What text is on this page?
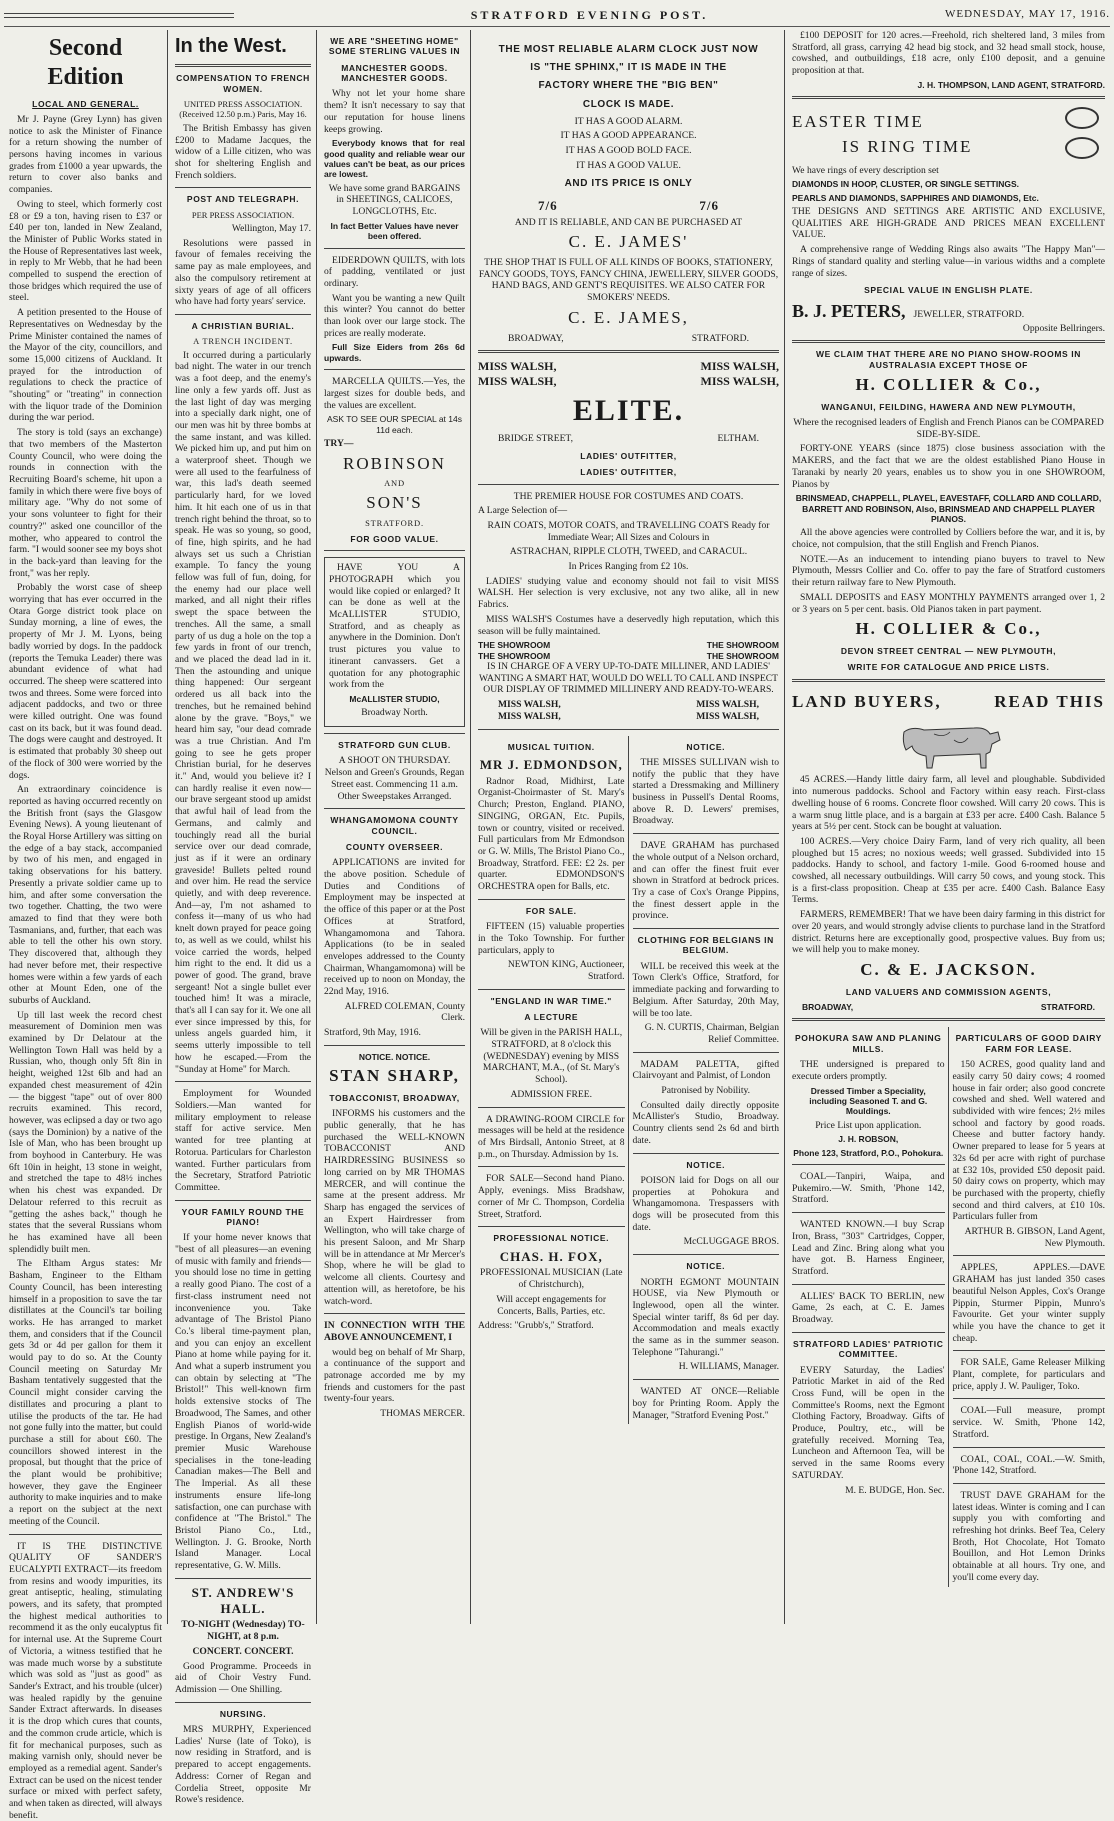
STRATFORD EVENING POST.	WEDNESDAY, MAY 17, 1916.
Second Edition
LOCAL AND GENERAL.

Mr J. Payne (Grey Lynn) has given notice to ask the Minister of Finance for a return showing the number of persons having incomes in various grades from £1000 a year upwards, the return to cover also banks and companies.

Owing to steel, which formerly cost £8 or £9 a ton, having risen to £37 or £40 per ton, landed in New Zealand, the Minister of Public Works stated in the House of Representatives last week, in reply to Mr Webb, that he had been compelled to suspend the erection of those bridges which required the use of steel.

A petition presented to the House of Representatives on Wednesday by the Prime Minister contained the names of the Mayor of the city, councillors, and some 15,000 citizens of Auckland. It prayed for the introduction of regulations to check the practice of "shouting" or "treating" in connection with the liquor trade of the Dominion during the war period.

The story is told (says an exchange) that two members of the Masterton County Council, who were doing the rounds in connection with the Recruiting Board's scheme, hit upon a family in which there were five boys of military age. "Why do not some of your sons volunteer to fight for their country?" asked one councillor of the mother, who appeared to control the farm. "I would sooner see my boys shot in the back-yard than leaving for the front," was her reply.

Probably the worst case of sheep worrying that has ever occurred in the Otara Gorge district took place on Sunday morning, a line of ewes, the property of Mr J. M. Lyons, being badly worried by dogs. In the paddock (reports the Temuka Leader) there was abundant evidence of what had occurred. The sheep were scattered into twos and threes. Some were forced into adjacent paddocks, and two or three were killed outright. One was found cast on its back, but it was found dead. The dogs were caught and destroyed. It is estimated that probably 30 sheep out of the flock of 300 were worried by the dogs.

An extraordinary coincidence is reported as having occurred recently on the British front (says the Glasgow Evening News). A young lieutenant of the Royal Horse Artillery was sitting on the edge of a bay stack, accompanied by two of his men, and engaged in taking observations for his battery. Presently a private soldier came up to him, and after some conversation the two together. Chatting, the two were amazed to find that they were both Tasmanians, and, further, that each was able to tell the other his own story. They discovered that, although they had never before met, their respective homes were within a few yards of each other at Mount Eden, one of the suburbs of Auckland.

Up till last week the record chest measurement of Dominion men was examined by Dr Delatour at the Wellington Town Hall was held by a Russian, who, though only 5ft 8in in height, weighed 12st 6lb and had an expanded chest measurement of 42in — the biggest "tape" out of over 800 recruits examined. This record, however, was eclipsed a day or two ago (says the Dominion) by a native of the Isle of Man, who has been brought up from boyhood in Canterbury. He was 6ft 10in in height, 13 stone in weight, and stretched the tape to 48½ inches when his chest was expanded. Dr Delatour referred to this recruit as "getting the ashes back," though he states that the several Russians whom he has examined have all been splendidly built men.

The Eltham Argus states: Mr Basham, Engineer to the Eltham County Council, has been interesting himself in a proposition to save the tar distillates at the Council's tar boiling works. He has arranged to market them, and considers that if the Council gets 3d or 4d per gallon for them it would pay to do so. At the County Council meeting on Saturday Mr Basham tentatively suggested that the Council might consider carving the distillates and procuring a plant to utilise the products of the tar. He had not gone fully into the matter, but could purchase a still for about £60. The councillors showed interest in the proposal, but thought that the price of the plant would be prohibitive; however, they gave the Engineer authority to make inquiries and to make a report on the subject at the next meeting of the Council.

IT IS THE DISTINCTIVE QUALITY OF SANDER'S EUCALYPTI EXTRACT—its freedom from resins and woody impurities, its great antiseptic, healing, stimulating powers, and its safety, that prompted the highest medical authorities to recommend it as the only eucalyptus fit for internal use. At the Supreme Court of Victoria, a witness testified that he was made much worse by a substitute which was sold as "just as good" as Sander's Extract, and his trouble (ulcer) was healed rapidly by the genuine Sander Extract afterwards. In diseases it is the drop which cures that counts, and the common crude article, which is fit for mechanical purposes, such as making varnish only, should never be employed as a remedial agent. Sander's Extract can be used on the nicest tender surface or mixed with perfect safety, and when taken as directed, will always benefit.

In the West.
COMPENSATION TO FRENCH WOMEN.

UNITED PRESS ASSOCIATION. (Received 12.50 p.m.) Paris, May 16.

The British Embassy has given £200 to Madame Jacques, the widow of a Lille citizen, who was shot for sheltering English and French soldiers.

POST AND TELEGRAPH.

PER PRESS ASSOCIATION.

Wellington, May 17.

Resolutions were passed in favour of females receiving the same pay as male employees, and also the compulsory retirement at sixty years of age of all officers who have had forty years' service.

A CHRISTIAN BURIAL.
A TRENCH INCIDENT.

It occurred during a particularly bad night. The water in our trench was a foot deep, and the enemy's line only a few yards off. Just as the last light of day was merging into a specially dark night, one of our men was hit by three bombs at the same instant, and was killed. We picked him up, and put him on a waterproof sheet. Though we were all used to the fearfulness of war, this lad's death seemed particularly hard, for we loved him. It hit each one of us in that trench right behind the throat, so to speak. He was so young, so good, of fine, high spirits, and he had always set us such a Christian example. To fancy the young fellow was full of fun, doing, for the enemy had our place well marked, and all night their rifles swept the space between the trenches. All the same, a small party of us dug a hole on the top a few yards in front of our trench, and we placed the dead lad in it. Then the astounding and unique thing happened: Our sergeant ordered us all back into the trenches, but he remained behind alone by the grave. "Boys," we heard him say, "our dead comrade was a true Christian. And I'm going to see he gets proper Christian burial, for he deserves it." And, would you believe it? I can hardly realise it even now—our brave sergeant stood up amidst that awful hail of lead from the Germans, and calmly and touchingly read all the burial service over our dead comrade, just as if it were an ordinary graveside! Bullets pelted round and over him. He read the service quietly, and with deep reverence. And—ay, I'm not ashamed to confess it—many of us who had knelt down prayed for peace going to, as well as we could, whilst his voice carried the words, helped him right to the end. It did us a power of good. The grand, brave sergeant! Not a single bullet ever touched him! It was a miracle, that's all I can say for it. We one all ever since impressed by this, for unless angels guarded him, it seems utterly impossible to tell how he escaped.—From the "Sunday at Home" for March.

Employment for Wounded Soldiers.—Man wanted for military employment to release staff for active service. Men wanted for tree planting at Rotorua. Particulars for Charleston wanted. Further particulars from the Secretary, Stratford Patriotic Committee.

YOUR FAMILY ROUND THE PIANO!

If your home never knows that "best of all pleasures—an evening of music with family and friends—you should lose no time in getting a really good Piano. The cost of a first-class instrument need not inconvenience you. Take advantage of The Bristol Piano Co.'s liberal time-payment plan, and you can enjoy an excellent Piano at home while paying for it. And what a superb instrument you can obtain by selecting at "The Bristol!" This well-known firm holds extensive stocks of The Broadwood, The Sames, and other English Pianos of world-wide prestige. In Organs, New Zealand's premier Music Warehouse specialises in the tone-leading Canadian makes—The Bell and The Imperial. As all these instruments ensure life-long satisfaction, one can purchase with confidence at "The Bristol." The Bristol Piano Co., Ltd., Wellington. J. G. Brooke, North Island Manager. Local representative, G. W. Mills.

ST. ANDREW'S HALL.

TO-NIGHT (Wednesday) TO-NIGHT, at 8 p.m.

CONCERT. CONCERT.

Good Programme. Proceeds in aid of Choir Vestry Fund. Admission — One Shilling.

NURSING.

MRS MURPHY, Experienced Ladies' Nurse (late of Toko), is now residing in Stratford, and is prepared to accept engagements. Address: Corner of Regan and Cordelia Street, opposite Mr Rowe's residence.

WE ARE "SHEETING HOME" SOME STERLING VALUES IN
MANCHESTER GOODS. MANCHESTER GOODS.

Why not let your home share them? It isn't necessary to say that our reputation for house linens keeps growing.

Everybody knows that for real good quality and reliable wear our values can't be beat, as our prices are lowest.

We have some grand BARGAINS in SHEETINGS, CALICOES, LONGCLOTHS, Etc.

In fact Better Values have never been offered.

EIDERDOWN QUILTS, with lots of padding, ventilated or just ordinary.

Want you be wanting a new Quilt this winter? You cannot do better than look over our large stock. The prices are really moderate.

Full Size Eiders from 26s 6d upwards.

MARCELLA QUILTS.—Yes, the largest sizes for double beds, and the values are excellent.

ASK TO SEE OUR SPECIAL at 14s 11d each.

TRY—

ROBINSON
AND
SON'S
STRATFORD.
FOR GOOD VALUE.

HAVE YOU A PHOTOGRAPH which you would like copied or enlarged? It can be done as well at the McALLISTER STUDIO, Stratford, and as cheaply as anywhere in the Dominion. Don't trust pictures you value to itinerant canvassers. Get a quotation for any photographic work from the

McALLISTER STUDIO,

Broadway North.

STRATFORD GUN CLUB.

A SHOOT ON THURSDAY. Nelson and Green's Grounds, Regan Street east. Commencing 11 a.m. Other Sweepstakes Arranged.

WHANGAMOMONA COUNTY COUNCIL.
COUNTY OVERSEER.

APPLICATIONS are invited for the above position. Schedule of Duties and Conditions of Employment may be inspected at the office of this paper or at the Post Offices at Stratford, Whangamomona and Tahora. Applications (to be in sealed envelopes addressed to the County Chairman, Whangamomona) will be received up to noon on Monday, the 22nd May, 1916.

ALFRED COLEMAN, County Clerk.

Stratford, 9th May, 1916.

NOTICE. NOTICE.

STAN SHARP,
TOBACCONIST, BROADWAY,

INFORMS his customers and the public generally, that he has purchased the WELL-KNOWN TOBACCONIST AND HAIRDRESSING BUSINESS so long carried on by MR THOMAS MERCER, and will continue the same at the present address. Mr Sharp has engaged the services of an Expert Hairdresser from Wellington, who will take charge of his present Saloon, and Mr Sharp will be in attendance at Mr Mercer's Shop, where he will be glad to welcome all clients. Courtesy and attention will, as heretofore, be his watch-word.

IN CONNECTION WITH THE ABOVE ANNOUNCEMENT, I

would beg on behalf of Mr Sharp, a continuance of the support and patronage accorded me by my friends and customers for the past twenty-four years.

THOMAS MERCER.

THE MOST RELIABLE ALARM CLOCK JUST NOW
IS "THE SPHINX," IT IS MADE IN THE
FACTORY WHERE THE "BIG BEN"
CLOCK IS MADE.

IT HAS A GOOD ALARM.

IT HAS A GOOD APPEARANCE.

IT HAS A GOOD BOLD FACE.

IT HAS A GOOD VALUE.

AND ITS PRICE IS ONLY
7/6	7/6

AND IT IS RELIABLE, AND CAN BE PURCHASED AT

C. E. JAMES'

THE SHOP THAT IS FULL OF ALL KINDS OF BOOKS, STATIONERY, FANCY GOODS, TOYS, FANCY CHINA, JEWELLERY, SILVER GOODS, HAND BAGS, AND GENT'S REQUISITES. WE ALSO CATER FOR SMOKERS' NEEDS.

C. E. JAMES,
BROADWAY,	STRATFORD.
MISS WALSH,	MISS WALSH,
MISS WALSH,	MISS WALSH,
ELITE.
BRIDGE STREET,	ELTHAM.
LADIES' OUTFITTER,
LADIES' OUTFITTER,

THE PREMIER HOUSE FOR COSTUMES AND COATS.

A Large Selection of—

RAIN COATS, MOTOR COATS, and TRAVELLING COATS Ready for Immediate Wear; All Sizes and Colours in

ASTRACHAN, RIPPLE CLOTH, TWEED, and CARACUL.

In Prices Ranging from £2 10s.

LADIES' studying value and economy should not fail to visit MISS WALSH. Her selection is very exclusive, not any two alike, all in new Fabrics.

MISS WALSH'S Costumes have a deservedly high reputation, which this season will be fully maintained.

THE SHOWROOM	THE SHOWROOM
THE SHOWROOM	THE SHOWROOM

IS IN CHARGE OF A VERY UP-TO-DATE MILLINER, AND LADIES' WANTING A SMART HAT, WOULD DO WELL TO CALL AND INSPECT OUR DISPLAY OF TRIMMED MILLINERY AND READY-TO-WEARS.

MISS WALSH,	MISS WALSH,
MISS WALSH,	MISS WALSH,
MUSICAL TUITION.
MR J. EDMONDSON,

Radnor Road, Midhirst, Late Organist-Choirmaster of St. Mary's Church; Preston, England. PIANO, SINGING, ORGAN, Etc. Pupils, town or country, visited or received. Full particulars from Mr Edmondson or G. W. Mills, The Bristol Piano Co., Broadway, Stratford. FEE: £2 2s. per quarter. EDMONDSON'S ORCHESTRA open for Balls, etc.

FOR SALE.

FIFTEEN (15) valuable properties in the Toko Township. For further particulars, apply to

NEWTON KING, Auctioneer, Stratford.

"ENGLAND IN WAR TIME."
A LECTURE

Will be given in the PARISH HALL, STRATFORD, at 8 o'clock this (WEDNESDAY) evening by MISS MARCHANT, M.A., (of St. Mary's School).

ADMISSION FREE.

A DRAWING-ROOM CIRCLE for messages will be held at the residence of Mrs Birdsall, Antonio Street, at 8 p.m., on Thursday. Admission by 1s.

FOR SALE—Second hand Piano. Apply, evenings. Miss Bradshaw, corner of Mr C. Thompson, Cordelia Street, Stratford.

PROFESSIONAL NOTICE.
CHAS. H. FOX,

PROFESSIONAL MUSICIAN (Late of Christchurch),

Will accept engagements for Concerts, Balls, Parties, etc.

Address: "Grubb's," Stratford.

NOTICE.

THE MISSES SULLIVAN wish to notify the public that they have started a Dressmaking and Millinery business in Pussell's Dental Rooms, above R. D. Lewers' premises, Broadway.

DAVE GRAHAM has purchased the whole output of a Nelson orchard, and can offer the finest fruit ever shown in Stratford at bedrock prices. Try a case of Cox's Orange Pippins, the finest dessert apple in the province.

CLOTHING FOR BELGIANS IN BELGIUM.

WILL be received this week at the Town Clerk's Office, Stratford, for immediate packing and forwarding to Belgium. After Saturday, 20th May, will be too late.

G. N. CURTIS, Chairman, Belgian Relief Committee.

MADAM PALETTA, gifted Clairvoyant and Palmist, of London

Patronised by Nobility.

Consulted daily directly opposite McAllister's Studio, Broadway. Country clients send 2s 6d and birth date.

NOTICE.

POISON laid for Dogs on all our properties at Pohokura and Whangamomona. Trespassers with dogs will be prosecuted from this date.

McCLUGGAGE BROS.

NOTICE.

NORTH EGMONT MOUNTAIN HOUSE, via New Plymouth or Inglewood, open all the winter. Special winter tariff, 8s 6d per day. Accommodation and meals exactly the same as in the summer season. Telephone "Tahurangi."

H. WILLIAMS, Manager.

WANTED AT ONCE—Reliable boy for Printing Room. Apply the Manager, "Stratford Evening Post."

£100 DEPOSIT for 120 acres.—Freehold, rich sheltered land, 3 miles from Stratford, all grass, carrying 42 head big stock, and 32 head small stock, house, cowshed, and outbuildings, £18 acre, only £100 deposit, and a genuine proposition at that.

J. H. THOMPSON, LAND AGENT, STRATFORD.

EASTER TIME
IS RING TIME

We have rings of every description set

DIAMONDS IN HOOP, CLUSTER, OR SINGLE SETTINGS.

PEARLS AND DIAMONDS, SAPPHIRES AND DIAMONDS, Etc.

THE DESIGNS AND SETTINGS ARE ARTISTIC AND EXCLUSIVE, QUALITIES ARE HIGH-GRADE AND PRICES MEAN EXCELLENT VALUE.

A comprehensive range of Wedding Rings also awaits "The Happy Man"—Rings of standard quality and sterling value—in various widths and a complete range of sizes.

SPECIAL VALUE IN ENGLISH PLATE.
B. J. PETERS, JEWELLER, STRATFORD.

Opposite Bellringers.

WE CLAIM THAT THERE ARE NO PIANO SHOW-ROOMS IN AUSTRALASIA EXCEPT THOSE OF
H. COLLIER & Co.,
WANGANUI, FEILDING, HAWERA AND NEW PLYMOUTH,

Where the recognised leaders of English and French Pianos can be COMPARED SIDE-BY-SIDE.

FORTY-ONE YEARS (since 1875) close business association with the MAKERS, and the fact that we are the oldest established Piano House in Taranaki by nearly 20 years, enables us to show you in one SHOWROOM, Pianos by

BRINSMEAD, CHAPPELL, PLAYEL, EAVESTAFF, COLLARD AND COLLARD, BARRETT AND ROBINSON, Also, BRINSMEAD AND CHAPPELL PLAYER PIANOS.

All the above agencies were controlled by Colliers before the war, and it is, by choice, not compulsion, that the still English and French Pianos.

NOTE.—As an inducement to intending piano buyers to travel to New Plymouth, Messrs Collier and Co. offer to pay the fare of Stratford customers their return railway fare to New Plymouth.

SMALL DEPOSITS and EASY MONTHLY PAYMENTS arranged over 1, 2 or 3 years on 5 per cent. basis. Old Pianos taken in part payment.

H. COLLIER & Co.,
DEVON STREET CENTRAL — NEW PLYMOUTH,
WRITE FOR CATALOGUE AND PRICE LISTS.
LAND BUYERS,	READ THIS

45 ACRES.—Handy little dairy farm, all level and ploughable. Subdivided into numerous paddocks. School and Factory within easy reach. First-class dwelling house of 6 rooms. Concrete floor cowshed. Will carry 20 cows. This is a warm snug little place, and is a bargain at £33 per acre. £400 Cash. Balance 5 years at 5½ per cent. Stock can be bought at valuation.

100 ACRES.—Very choice Dairy Farm, land of very rich quality, all been ploughed but 15 acres; no noxious weeds; well grassed. Subdivided into 15 paddocks. Handy to school, and factory 1-mile. Good 6-roomed house and cowshed, all necessary outbuildings. Will carry 50 cows, and young stock. This is a first-class proposition. Cheap at £35 per acre. £400 Cash. Balance Easy Terms.

FARMERS, REMEMBER! That we have been dairy farming in this district for over 20 years, and would strongly advise clients to purchase land in the Stratford district. Returns here are exceptionally good, prospective values. Buy from us; we will help you to make money.

C. & E. JACKSON.
LAND VALUERS AND COMMISSION AGENTS,
BROADWAY,	STRATFORD.
POHOKURA SAW AND PLANING MILLS.

THE undersigned is prepared to execute orders promptly.

Dressed Timber a Speciality, including Seasoned T. and G. Mouldings.

Price List upon application.

J. H. ROBSON,

Phone 123, Stratford, P.O., Pohokura.

COAL—Tanpiri, Waipa, and Pukemiro.—W. Smith, 'Phone 142, Stratford.

WANTED KNOWN.—I buy Scrap Iron, Brass, "303" Cartridges, Copper, Lead and Zinc. Bring along what you have got. B. Harness Engineer, Stratford.

ALLIES' BACK TO BERLIN, new Game, 2s each, at C. E. James Broadway.

STRATFORD LADIES' PATRIOTIC COMMITTEE.

EVERY Saturday, the Ladies' Patriotic Market in aid of the Red Cross Fund, will be open in the Committee's Rooms, next the Egmont Clothing Factory, Broadway. Gifts of Produce, Poultry, etc., will be gratefully received. Morning Tea, Luncheon and Afternoon Tea, will be served in the same Rooms every SATURDAY.

M. E. BUDGE, Hon. Sec.

PARTICULARS OF GOOD DAIRY FARM FOR LEASE.

150 ACRES, good quality land and easily carry 50 dairy cows; 4 roomed house in fair order; also good concrete cowshed and shed. Well watered and subdivided with wire fences; 2½ miles school and factory by good roads. Cheese and butter factory handy. Owner prepared to lease for 5 years at 32s 6d per acre with right of purchase at £32 10s, provided £50 deposit paid. 50 dairy cows on property, which may be purchased with the property, chiefly second and third calvers, at £10 10s. Particulars fuller from

ARTHUR B. GIBSON, Land Agent, New Plymouth.

APPLES, APPLES.—DAVE GRAHAM has just landed 350 cases beautiful Nelson Apples, Cox's Orange Pippin, Sturmer Pippin, Munro's Favourite. Get your winter supply while you have the chance to get it cheap.

FOR SALE, Game Releaser Milking Plant, complete, for particulars and price, apply J. W. Pauliger, Toko.

COAL—Full measure, prompt service. W. Smith, 'Phone 142, Stratford.

COAL, COAL, COAL.—W. Smith, 'Phone 142, Stratford.

TRUST DAVE GRAHAM for the latest ideas. Winter is coming and I can supply you with comforting and refreshing hot drinks. Beef Tea, Celery Broth, Hot Chocolate, Hot Tomato Bouillon, and Hot Lemon Drinks obtainable at all hours. Try one, and you'll come every day.
